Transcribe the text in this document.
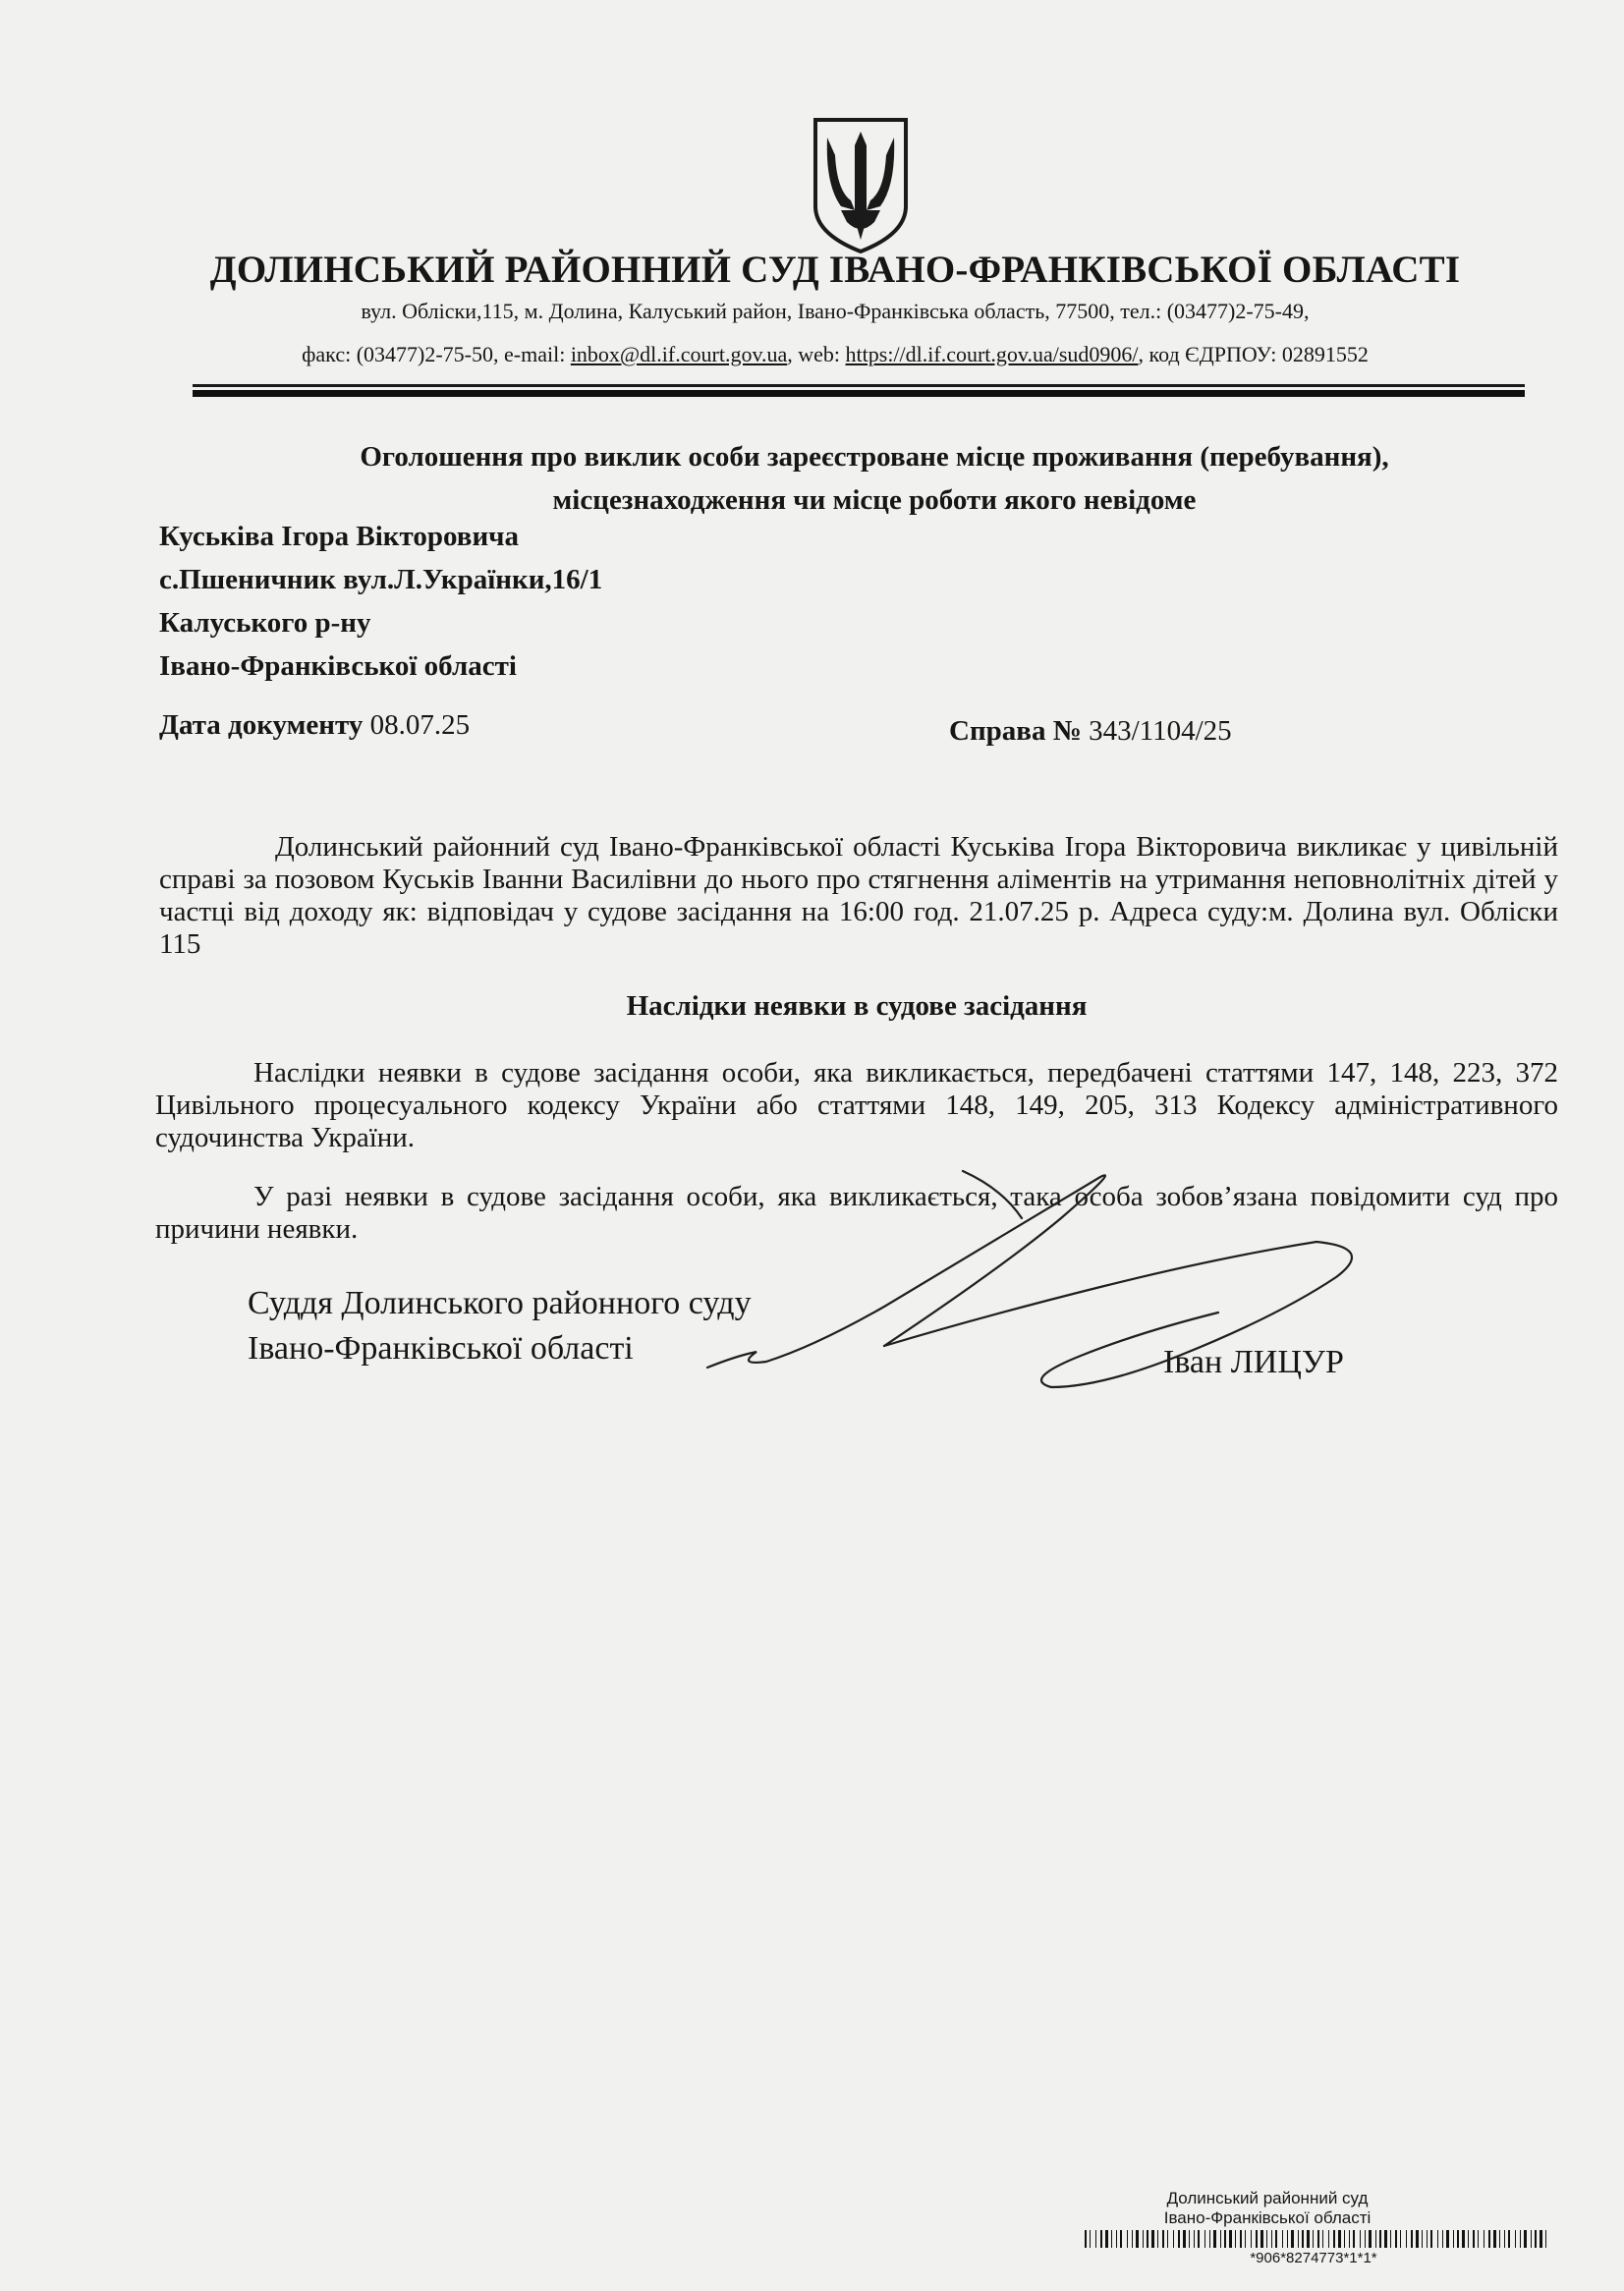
ДОЛИНСЬКИЙ РАЙОННИЙ СУД ІВАНО-ФРАНКІВСЬКОЇ ОБЛАСТІ
вул. Обліски,115, м. Долина, Калуський район, Івано-Франківська область, 77500, тел.: (03477)2-75-49,
факс: (03477)2-75-50, e-mail: inbox@dl.if.court.gov.ua, web: https://dl.if.court.gov.ua/sud0906/, код ЄДРПОУ: 02891552
Оголошення про виклик особи зареєстроване місце проживання (перебування),
місцезнаходження чи місце роботи якого невідоме
Куськіва Ігора Вікторовича
с.Пшеничник вул.Л.Українки,16/1
Калуського р-ну
Івано-Франківської області
Дата документу 08.07.25	Справа № 343/1104/25
Долинський районний суд Івано-Франківської області Куськіва Ігора Вікторовича викликає у цивільній справі за позовом Куськів Іванни Василівни до нього про стягнення аліментів на утримання неповнолітніх дітей у частці від доходу як: відповідач у судове засідання на 16:00 год. 21.07.25 р. Адреса суду:м. Долина вул. Обліски 115
Наслідки неявки в судове засідання
Наслідки неявки в судове засідання особи, яка викликається, передбачені статтями 147, 148, 223, 372 Цивільного процесуального кодексу України або статтями 148, 149, 205, 313 Кодексу адміністративного судочинства України.
У разі неявки в судове засідання особи, яка викликається, така особа зобов’язана повідомити суд про причини неявки.
Суддя Долинського районного суду
Івано-Франківської області	Іван ЛИЦУР
Долинський районний суд
Івано-Франківської області
*906*8274773*1*1*
